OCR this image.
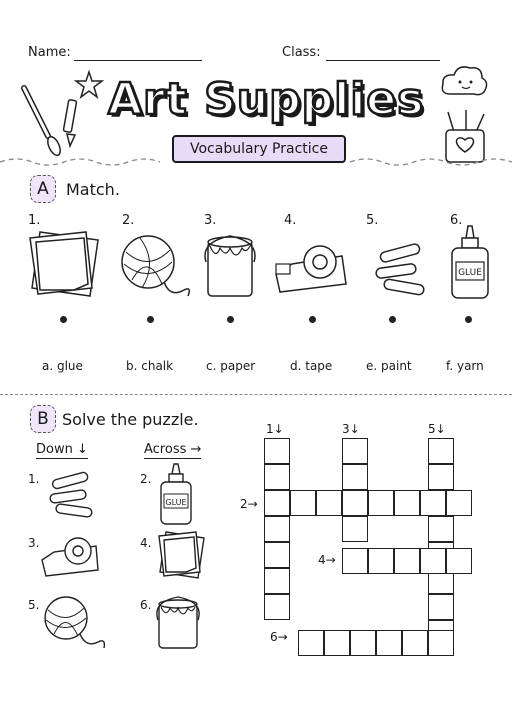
Name:	Class:
Art Supplies
Vocabulary Practice
A	Match.
1.	2.	3.	4.	5.	6.
GLUE
a. glue	b. chalk	c. paper	d. tape	e. paint	f. yarn
B Solve the puzzle.
Down ↓	Across →
1.
3.
5.
2.
4.
6.
GLUE
1↓	3↓	5↓
2→
4→
6→
